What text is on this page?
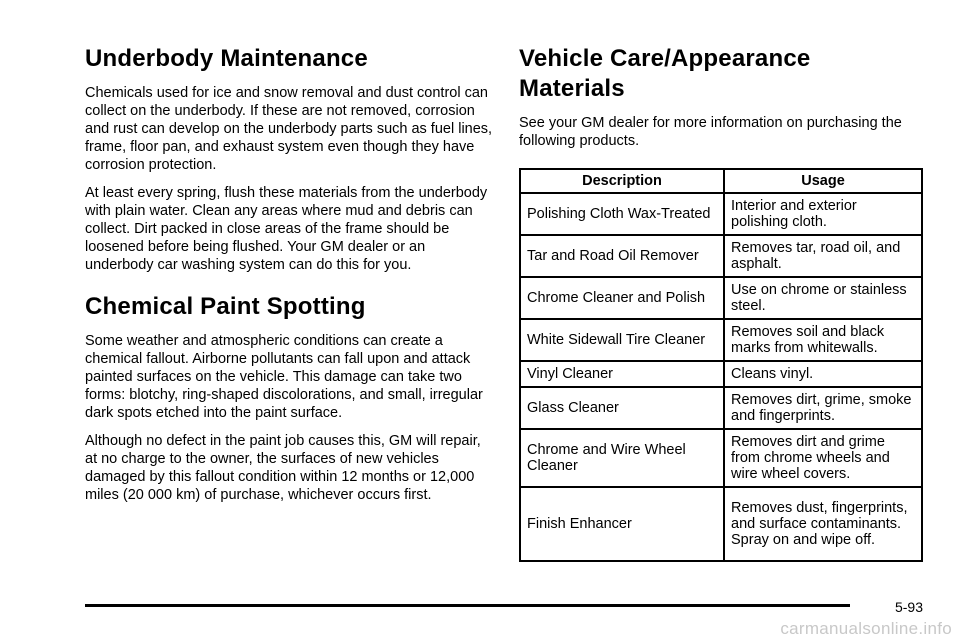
Underbody Maintenance

Chemicals used for ice and snow removal and dust control can collect on the underbody. If these are not removed, corrosion and rust can develop on the underbody parts such as fuel lines, frame, floor pan, and exhaust system even though they have corrosion protection.

At least every spring, flush these materials from the underbody with plain water. Clean any areas where mud and debris can collect. Dirt packed in close areas of the frame should be loosened before being flushed. Your GM dealer or an underbody car washing system can do this for you.

Chemical Paint Spotting

Some weather and atmospheric conditions can create a chemical fallout. Airborne pollutants can fall upon and attack painted surfaces on the vehicle. This damage can take two forms: blotchy, ring-shaped discolorations, and small, irregular dark spots etched into the paint surface.

Although no defect in the paint job causes this, GM will repair, at no charge to the owner, the surfaces of new vehicles damaged by this fallout condition within 12 months or 12,000 miles (20 000 km) of purchase, whichever occurs first.

Vehicle Care/Appearance Materials

See your GM dealer for more information on purchasing the following products.

Description	Usage
Polishing Cloth Wax-Treated	Interior and exterior polishing cloth.
Tar and Road Oil Remover	Removes tar, road oil, and asphalt.
Chrome Cleaner and Polish	Use on chrome or stainless steel.
White Sidewall Tire Cleaner	Removes soil and black marks from whitewalls.
Vinyl Cleaner	Cleans vinyl.
Glass Cleaner	Removes dirt, grime, smoke and fingerprints.
Chrome and Wire Wheel Cleaner	Removes dirt and grime from chrome wheels and wire wheel covers.
Finish Enhancer	Removes dust, fingerprints, and surface contaminants. Spray on and wipe off.
5-93
carmanualsonline.info
